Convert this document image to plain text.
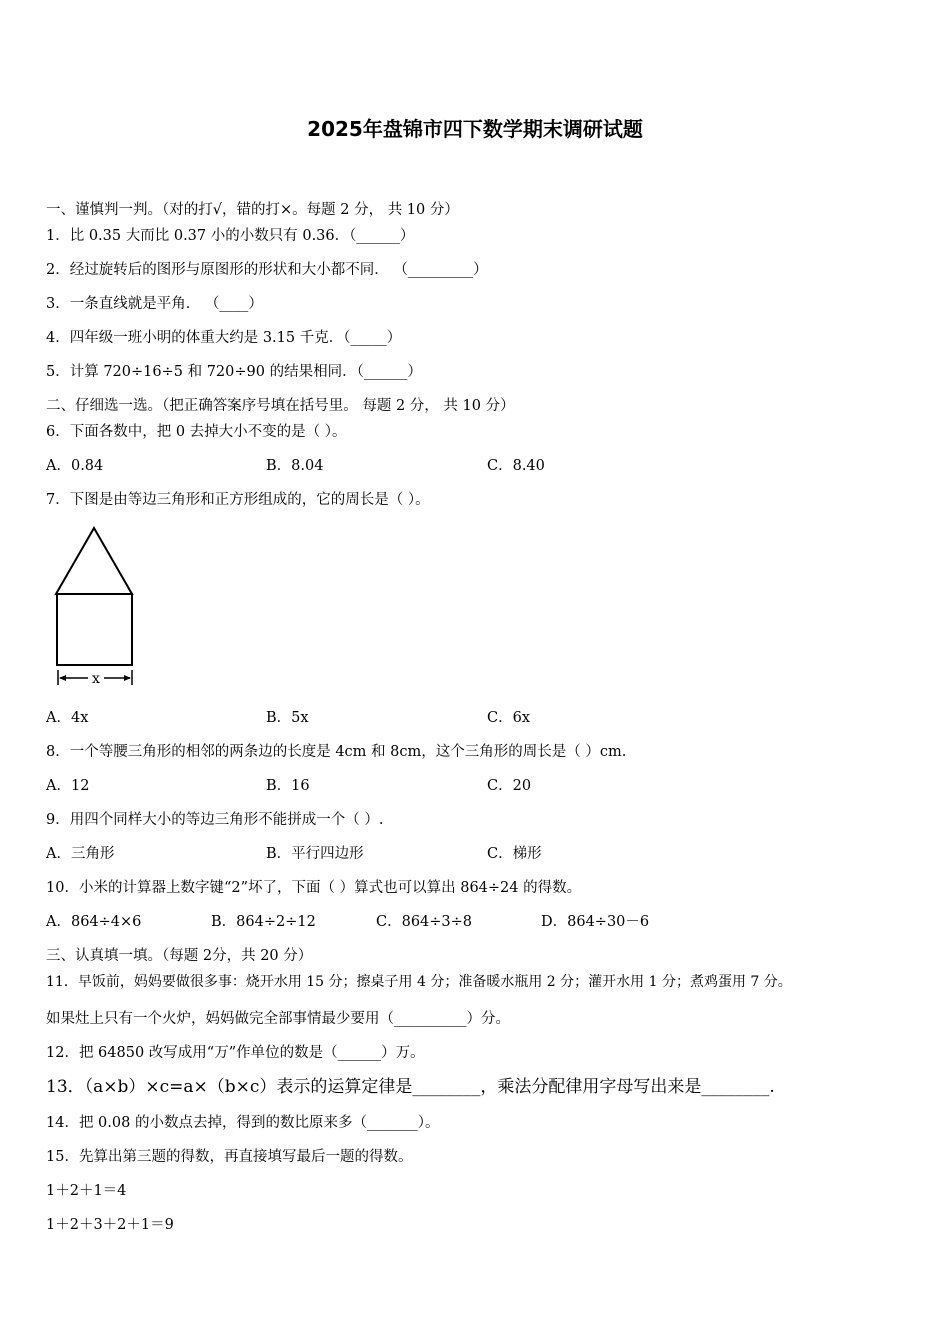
2025年盘锦市四下数学期末调研试题
一、谨慎判一判。（对的打√，错的打×。每题 2 分， 共 10 分）
1．比 0.35 大而比 0.37 小的小数只有 0.36．（______）
2．经过旋转后的图形与原图形的形状和大小都不同． （_________）
3．一条直线就是平角． （____）
4．四年级一班小明的体重大约是 3.15 千克．（_____）
5．计算 720÷16÷5 和 720÷90 的结果相同．（______）
二、仔细选一选。（把正确答案序号填在括号里。 每题 2 分， 共 10 分）
6．下面各数中，把 0 去掉大小不变的是（ ）。
A．0.84	B．8.04	C．8.40
7．下图是由等边三角形和正方形组成的，它的周长是（ ）。
x
A．4x	B．5x	C．6x
8．一个等腰三角形的相邻的两条边的长度是 4cm 和 8cm，这个三角形的周长是（ ）cm.
A．12	B．16	C．20
9．用四个同样大小的等边三角形不能拼成一个（ ）.
A．三角形	B．平行四边形	C．梯形
10．小米的计算器上数字键“2”坏了，下面（ ）算式也可以算出 864÷24 的得数。
A．864÷4×6	B．864÷2÷12	C．864÷3÷8	D．864÷30－6
三、认真填一填。（每题 2分，共 20 分）
11．早饭前，妈妈要做很多事：烧开水用 15 分；擦桌子用 4 分；准备暖水瓶用 2 分；灌开水用 1 分；煮鸡蛋用 7 分。
如果灶上只有一个火炉，妈妈做完全部事情最少要用（__________）分。
12．把 64850 改写成用“万”作单位的数是（______）万。
13．（a×b）×c=a×（b×c）表示的运算定律是________，乘法分配律用字母写出来是________.
14．把 0.08 的小数点去掉，得到的数比原来多（_______）。
15．先算出第三题的得数，再直接填写最后一题的得数。
1＋2＋1＝4
1＋2＋3＋2＋1＝9
